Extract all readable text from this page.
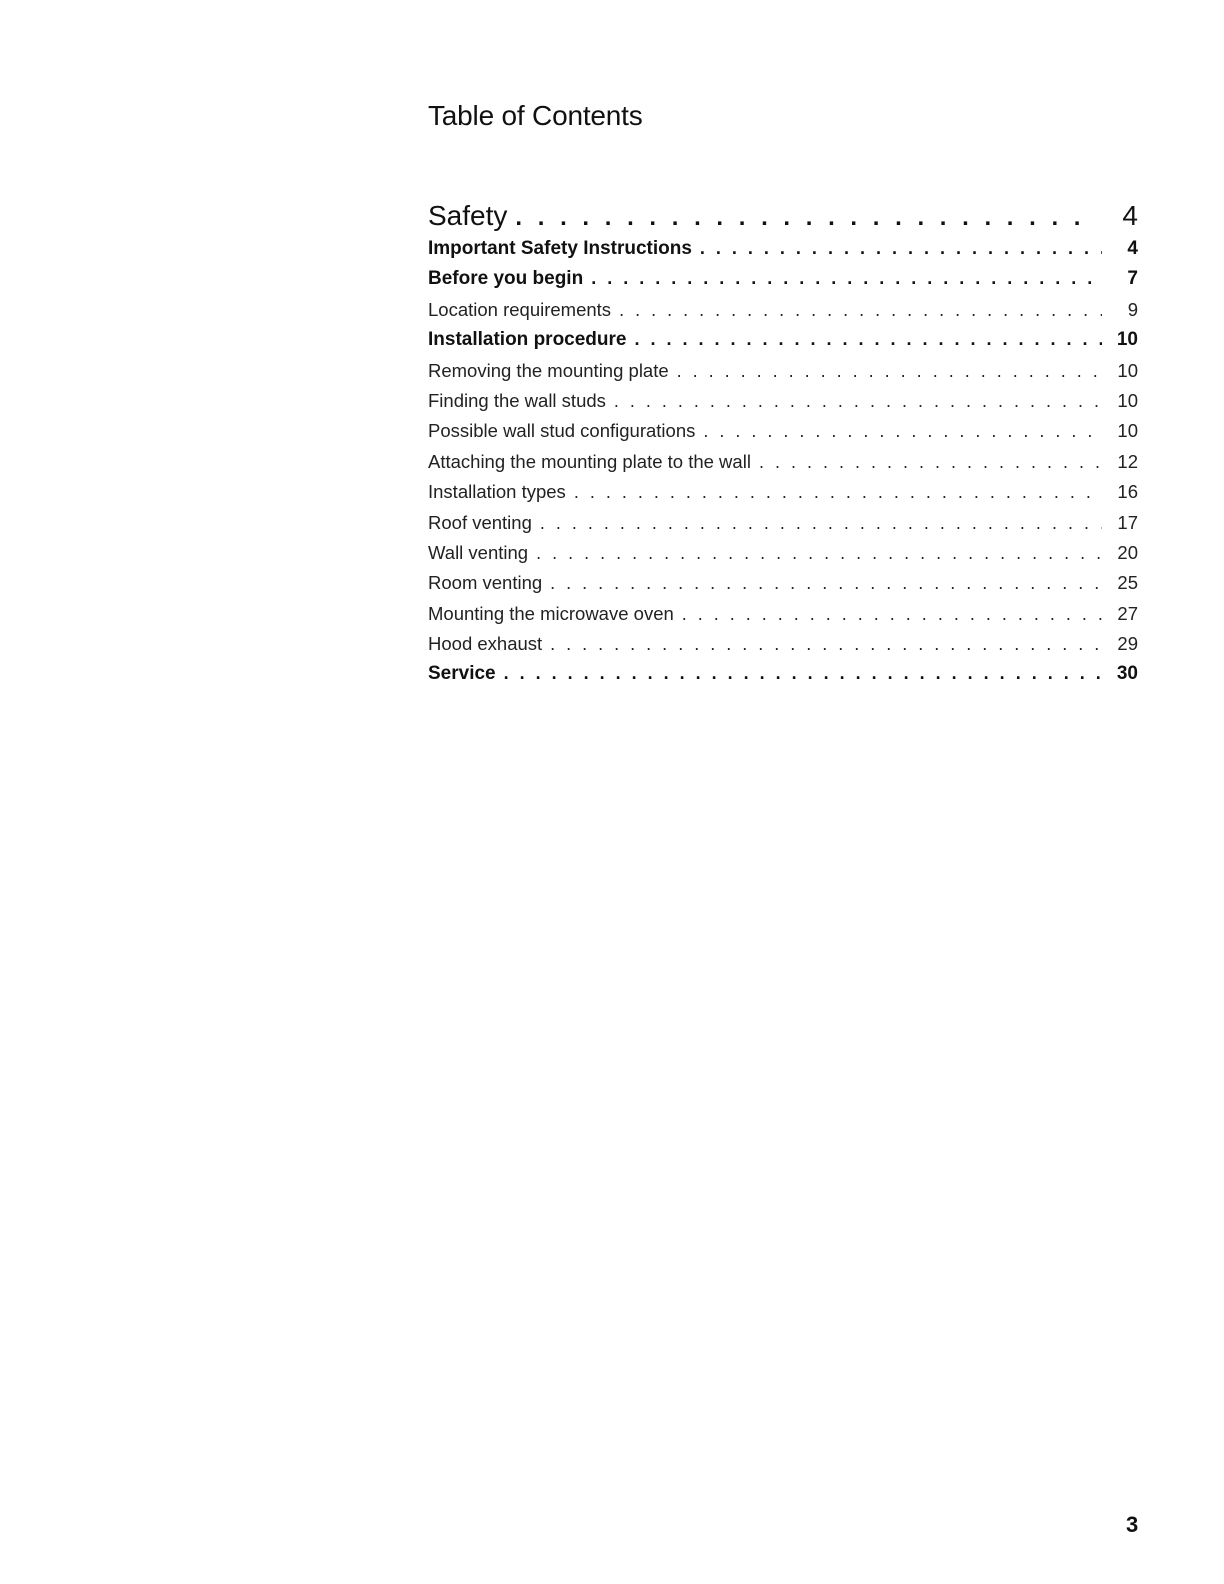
Table of Contents
Safety . . .	4
Important Safety Instructions . . .	4
Before you begin . . .	7
Location requirements . . .	9
Installation procedure . . .	10
Removing the mounting plate . . .	10
Finding the wall studs . . .	10
Possible wall stud configurations . . .	10
Attaching the mounting plate to the wall . . .	12
Installation types . . .	16
Roof venting . . .	17
Wall venting . . .	20
Room venting . . .	25
Mounting the microwave oven . . .	27
Hood exhaust . . .	29
Service . . .	30
3
